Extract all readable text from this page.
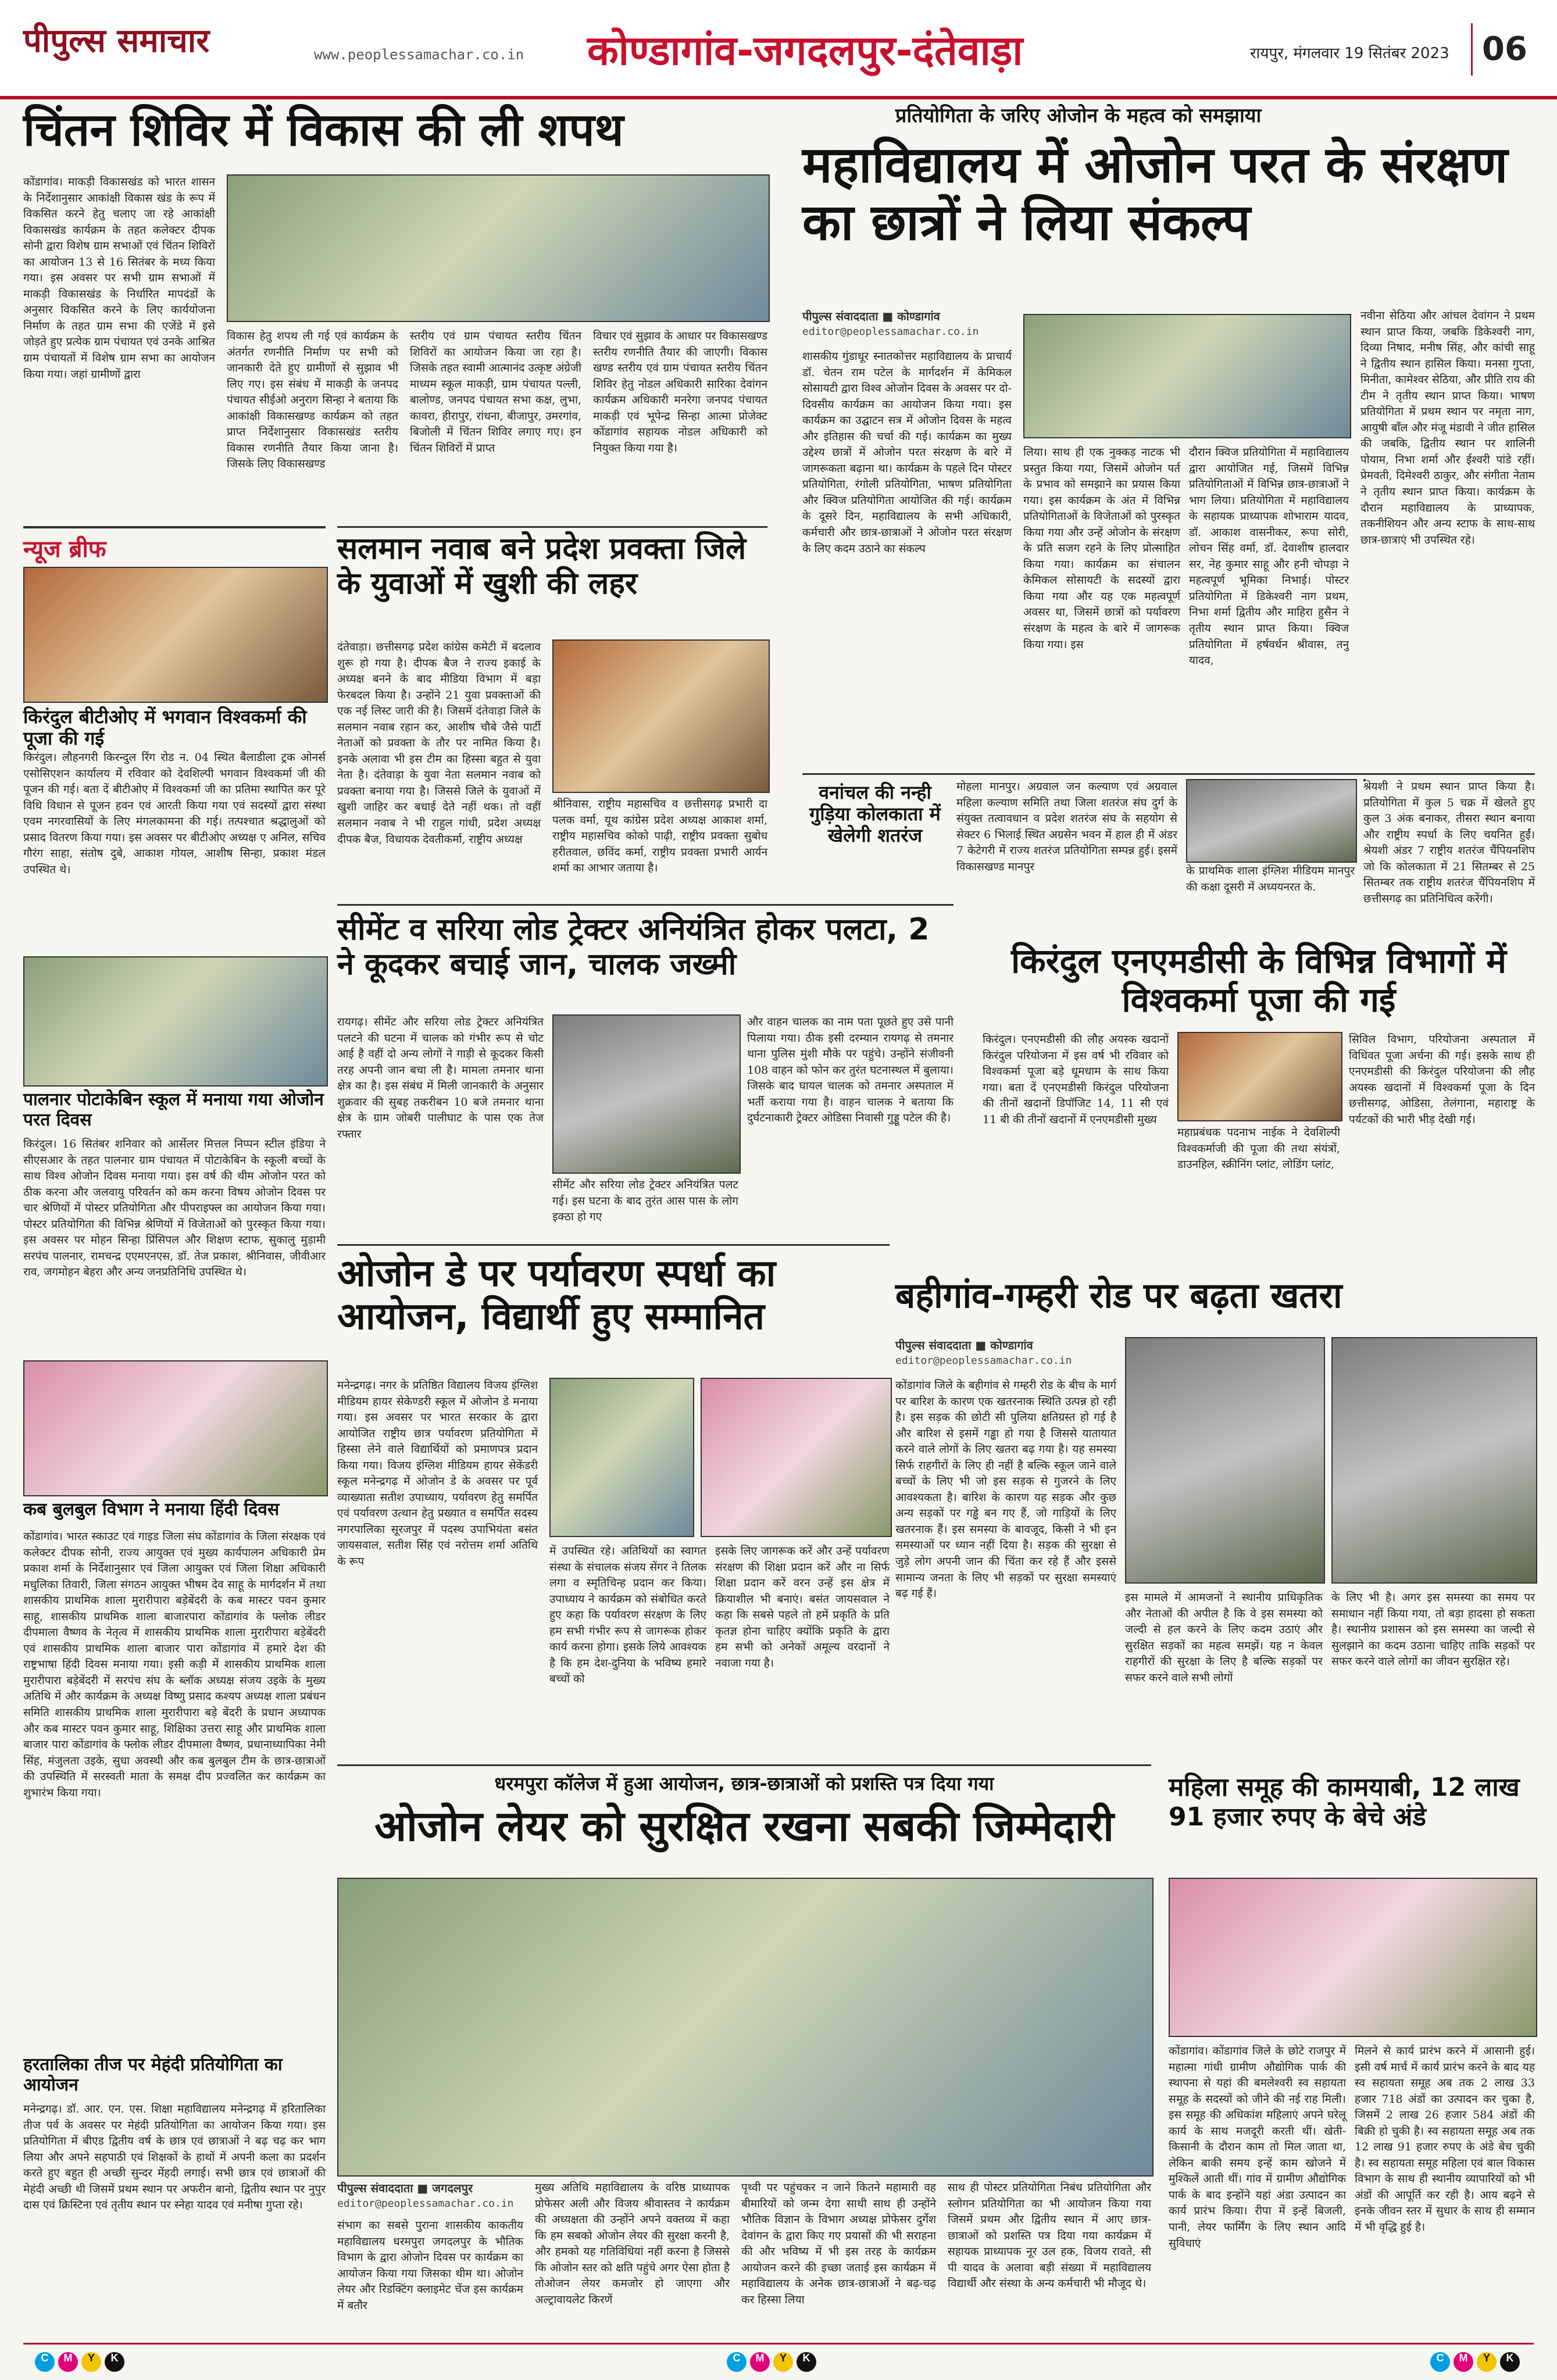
पीपुल्स समाचार	www.peoplessamachar.co.in कोण्डागांव-जगदलपुर-दंतेवाड़ा	रायपुर, मंगलवार 19 सितंबर 2023	06
चिंतन शिविर में विकास की ली शपथ
कोंडागांव। माकड़ी विकासखंड को भारत शासन के निर्देशानुसार आकांक्षी विकास खंड के रूप में विकसित करने हेतु चलाए जा रहे आकांक्षी विकासखंड कार्यक्रम के तहत कलेक्टर दीपक सोनी द्वारा विशेष ग्राम सभाओं एवं चिंतन शिविरों का आयोजन 13 से 16 सितंबर के मध्य किया गया। इस अवसर पर सभी ग्राम सभाओं में माकड़ी विकासखंड के निर्धारित मापदंडों के अनुसार विकसित करने के लिए कार्ययोजना निर्माण के तहत ग्राम सभा की एजेंडे में इसे जोड़ते हुए प्रत्येक ग्राम पंचायत एवं उनके आश्रित ग्राम पंचायतों में विशेष ग्राम सभा का आयोजन किया गया। जहां ग्रामीणों द्वारा
विकास हेतु शपथ ली गई एवं कार्यक्रम के अंतर्गत रणनीति निर्माण पर सभी को जानकारी देते हुए ग्रामीणों से सुझाव भी लिए गए। इस संबंध में माकड़ी के जनपद पंचायत सीईओ अनुराग सिन्हा ने बताया कि आकांक्षी विकासखण्ड कार्यक्रम को तहत प्राप्त निर्देशानुसार विकासखंड स्तरीय विकास रणनीति तैयार किया जाना है। जिसके लिए विकासखण्ड
स्तरीय एवं ग्राम पंचायत स्तरीय चिंतन शिविरों का आयोजन किया जा रहा है। जिसके तहत स्वामी आत्मानंद उत्कृष्ट अंग्रेजी माध्यम स्कूल माकड़ी, ग्राम पंचायत पल्ली, बालोण्ड, जनपद पंचायत सभा कक्ष, लुभा, कावरा, हीरापुर, रांधना, बीजापुर, उमरगांव, बिजोली में चिंतन शिविर लगाए गए। इन चिंतन शिविरों में प्राप्त
विचार एवं सुझाव के आधार पर विकासखण्ड स्तरीय रणनीति तैयार की जाएगी। विकास खण्ड स्तरीय एवं ग्राम पंचायत स्तरीय चिंतन शिविर हेतु नोडल अधिकारी सारिका देवांगन कार्यक्रम अधिकारी मनरेगा जनपद पंचायत माकड़ी एवं भूपेन्द्र सिन्हा आत्मा प्रोजेक्ट कोंडागांव सहायक नोडल अधिकारी को नियुक्त किया गया है।
प्रतियोगिता के जरिए ओजोन के महत्व को समझाया
महाविद्यालय में ओजोन परत के संरक्षण का छात्रों ने लिया संकल्प
पीपुल्स संवाददाता ■ कोण्डागांव
editor@peoplessamachar.co.in
शासकीय गुंडाधूर स्नातकोत्तर महाविद्यालय के प्राचार्य डॉ. चेतन राम पटेल के मार्गदर्शन में केमिकल सोसायटी द्वारा विश्व ओजोन दिवस के अवसर पर दो-दिवसीय कार्यक्रम का आयोजन किया गया। इस कार्यक्रम का उद्घाटन सत्र में ओजोन दिवस के महत्व और इतिहास की चर्चा की गई। कार्यक्रम का मुख्य उद्देश्य छात्रों में ओजोन परत संरक्षण के बारे में जागरूकता बढ़ाना था। कार्यक्रम के पहले दिन पोस्टर प्रतियोगिता, रंगोली प्रतियोगिता, भाषण प्रतियोगिता और क्विज प्रतियोगिता आयोजित की गई। कार्यक्रम के दूसरे दिन, महाविद्यालय के सभी अधिकारी, कर्मचारी और छात्र-छात्राओं ने ओजोन परत संरक्षण के लिए कदम उठाने का संकल्प
लिया। साथ ही एक नुक्कड़ नाटक भी प्रस्तुत किया गया, जिसमें ओजोन पर्त के प्रभाव को समझाने का प्रयास किया गया। इस कार्यक्रम के अंत में विभिन्न प्रतियोगिताओं के विजेताओं को पुरस्कृत किया गया और उन्हें ओजोन के संरक्षण के प्रति सजग रहने के लिए प्रोत्साहित किया गया। कार्यक्रम का संचालन केमिकल सोसायटी के सदस्यों द्वारा किया गया और यह एक महत्वपूर्ण अवसर था, जिसमें छात्रों को पर्यावरण संरक्षण के महत्व के बारे में जागरूक किया गया। इस
दौरान क्विज प्रतियोगिता में महाविद्यालय द्वारा आयोजित गई, जिसमें विभिन्न प्रतियोगिताओं में विभिन्न छात्र-छात्राओं ने भाग लिया। प्रतियोगिता में महाविद्यालय के सहायक प्राध्यापक शोभाराम यादव, डॉ. आकाश वासनीकर, रूपा सोरी, लोचन सिंह वर्मा, डॉ. देवाशीष हालदार सर, नेह कुमार साहू और हनी चोपड़ा ने महत्वपूर्ण भूमिका निभाई। पोस्टर प्रतियोगिता में डिकेश्वरी नाग प्रथम, निभा शर्मा द्वितीय और माहिरा हुसैन ने तृतीय स्थान प्राप्त किया। क्विज प्रतियोगिता में हर्षवर्धन श्रीवास, तनु यादव,
नवीना सेठिया और आंचल देवांगन ने प्रथम स्थान प्राप्त किया, जबकि डिकेश्वरी नाग, दिव्या निषाद, मनीष सिंह, और कांची साहू ने द्वितीय स्थान हासिल किया। मनसा गुप्ता, मिनीता, कामेश्वर सेठिया, और प्रीति राय की टीम ने तृतीय स्थान प्राप्त किया। भाषण प्रतियोगिता में प्रथम स्थान पर नमृता नाग, आयुषी बाँल और मंजू मंडावी ने जीत हासिल की जबकि, द्वितीय स्थान पर शालिनी पोयाम, निभा शर्मा और ईश्वरी पांडे रहीं। प्रेमवती, दिमेश्वरी ठाकुर, और संगीता नेताम ने तृतीय स्थान प्राप्त किया। कार्यक्रम के दौरान महाविद्यालय के प्राध्यापक, तकनीशियन और अन्य स्टाफ के साथ-साथ छात्र-छात्राएं भी उपस्थित रहे।
न्यूज ब्रीफ
किरंदुल बीटीओए में भगवान विश्वकर्मा की पूजा की गई
किरंदुल। लौहनगरी किरन्दुल रिंग रोड न. 04 स्थित बैलाडीला ट्रक ओनर्स एसोसिएशन कार्यालय में रविवार को देवशिल्पी भगवान विश्वकर्मा जी की पूजन की गई। बता दें बीटीओए में विश्वकर्मा जी का प्रतिमा स्थापित कर पूरे विधि विधान से पूजन हवन एवं आरती किया गया एवं सदस्यों द्वारा संस्था एवम नगरवासियों के लिए मंगलकामना की गई। तत्पश्चात श्रद्धालुओं को प्रसाद वितरण किया गया। इस अवसर पर बीटीओए अध्यक्ष ए अनिल, सचिव गौरंग साहा, संतोष दुबे, आकाश गोयल, आशीष सिन्हा, प्रकाश मंडल उपस्थित थे।
पालनार पोटाकेबिन स्कूल में मनाया गया ओजोन परत दिवस
किरंदुल। 16 सितंबर शनिवार को आर्सेलर मित्तल निप्पन स्टील इंडिया ने सीएसआर के तहत पालनार ग्राम पंचायत में पोटाकेबिन के स्कूली बच्चों के साथ विश्व ओजोन दिवस मनाया गया। इस वर्ष की थीम ओजोन परत को ठीक करना और जलवायु परिवर्तन को कम करना विषय ओजोन दिवस पर चार श्रेणियों में पोस्टर प्रतियोगिता और पीपराइफ्ल का आयोजन किया गया। पोस्टर प्रतियोगिता की विभिन्न श्रेणियों में विजेताओं को पुरस्कृत किया गया। इस अवसर पर मोहन सिन्हा प्रिंसिपल और शिक्षण स्टाफ, सुकालु मुड़ामी सरपंच पालनार, रामचन्द्र एएमएनएस, डॉ. तेज प्रकाश, श्रीनिवास, जीवीआर राव, जगमोहन बेहरा और अन्य जनप्रतिनिधि उपस्थित थे।
कब बुलबुल विभाग ने मनाया हिंदी दिवस
कोंडागांव। भारत स्काउट एवं गाइड जिला संघ कोंडागांव के जिला संरक्षक एवं कलेक्टर दीपक सोनी, राज्य आयुक्त एवं मुख्य कार्यपालन अधिकारी प्रेम प्रकाश शर्मा के निर्देशानुसार एवं जिला आयुक्त एवं जिला शिक्षा अधिकारी मधुलिका तिवारी, जिला संगठन आयुक्त भीषम देव साहू के मार्गदर्शन में तथा शासकीय प्राथमिक शाला मुरारीपारा बड़ेबेंदरी के कब मास्टर पवन कुमार साहू, शासकीय प्राथमिक शाला बाजारपारा कोंडागांव के फ्लोक लीडर दीपमाला वैष्णव के नेतृत्व में शासकीय प्राथमिक शाला मुरारीपारा बड़ेबेंदरी एवं शासकीय प्राथमिक शाला बाजार पारा कोंडागांव में हमारे देश की राष्ट्रभाषा हिंदी दिवस मनाया गया। इसी कड़ी में शासकीय प्राथमिक शाला मुरारीपारा बड़ेबेंदरी में सरपंच संघ के ब्लॉक अध्यक्ष संजय उइके के मुख्य अतिथि में और कार्यक्रम के अध्यक्ष विष्णु प्रसाद कश्यप अध्यक्ष शाला प्रबंधन समिति शासकीय प्राथमिक शाला मुरारीपारा बड़े बेंदरी के प्रधान अध्यापक और कब मास्टर पवन कुमार साहू, शिक्षिका उत्तरा साहू और प्राथमिक शाला बाजार पारा कोंडागांव के फ्लोक लीडर दीपमाला वैष्णव, प्रधानाध्यापिका नेमी सिंह, मंजुलता उइके, सुधा अवस्थी और कब बुलबुल टीम के छात्र-छात्राओं की उपस्थिति में सरस्वती माता के समक्ष दीप प्रज्वलित कर कार्यक्रम का शुभारंभ किया गया।
हरतालिका तीज पर मेहंदी प्रतियोगिता का आयोजन
मनेन्द्रगढ़। डॉ. आर. एन. एस. शिक्षा महाविद्यालय मनेन्द्रगढ़ में हरितालिका तीज पर्व के अवसर पर मेहंदी प्रतियोगिता का आयोजन किया गया। इस प्रतियोगिता में बीएड द्वितीय वर्ष के छात्र एवं छात्राओं ने बढ़ चढ़ कर भाग लिया और अपने सहपाठी एवं शिक्षकों के हाथों में अपनी कला का प्रदर्शन करते हुए बहुत ही अच्छी सुन्दर मेंहदी लगाई। सभी छात्र एवं छात्राओं की मेहंदी अच्छी थी जिसमें प्रथम स्थान पर अफरीन बानो, द्वितीय स्थान पर नुपुर दास एवं क्रिस्टिना एवं तृतीय स्थान पर स्नेहा यादव एवं मनीषा गुप्ता रहे।
सलमान नवाब बने प्रदेश प्रवक्ता जिले के युवाओं में खुशी की लहर
दंतेवाड़ा। छत्तीसगढ़ प्रदेश कांग्रेस कमेटी में बदलाव शुरू हो गया है। दीपक बैज ने राज्य इकाई के अध्यक्ष बनने के बाद मीडिया विभाग में बड़ा फेरबदल किया है। उन्होंने 21 युवा प्रवक्ताओं की एक नई लिस्ट जारी की है। जिसमें दंतेवाड़ा जिले के सलमान नवाब रहान कर, आशीष चौबे जैसे पार्टी नेताओं को प्रवक्ता के तौर पर नामित किया है। इनके अलावा भी इस टीम का हिस्सा बहुत से युवा नेता है। दंतेवाड़ा के युवा नेता सलमान नवाब को प्रवक्ता बनाया गया है। जिससे जिले के युवाओं में खुशी जाहिर कर बधाई देते नहीं थक। तो वहीं सलमान नवाब ने भी राहुल गांधी, प्रदेश अध्यक्ष दीपक बैज, विधायक देवतीकर्मा, राष्ट्रीय अध्यक्ष
श्रीनिवास, राष्ट्रीय महासचिव व छत्तीसगढ़ प्रभारी दा पलक वर्मा, यूथ कांग्रेस प्रदेश अध्यक्ष आकाश शर्मा, राष्ट्रीय महासचिव कोको पाढ़ी, राष्ट्रीय प्रवक्ता सुबोध हरीतवाल, छविंद कर्मा, राष्ट्रीय प्रवक्ता प्रभारी आर्यन शर्मा का आभार जताया है।
वनांचल की नन्ही गुड़िया कोलकाता में खेलेगी शतरंज
मोहला मानपुर। अग्रवाल जन कल्याण एवं अग्रवाल महिला कल्याण समिति तथा जिला शतरंज संघ दुर्ग के संयुक्त तत्वावधान व प्रदेश शतरंज संघ के सहयोग से सेक्टर 6 भिलाई स्थित अग्रसेन भवन में हाल ही में अंडर 7 केटेगरी में राज्य शतरंज प्रतियोगिता सम्पन्न हुई। इसमें विकासखण्ड मानपुर	के प्राथमिक शाला इंग्लिश मीडियम मानपुर की कक्षा दूसरी में अध्ययनरत के.
श्रेयशी ने प्रथम स्थान प्राप्त किया है। प्रतियोगिता में कुल 5 चक्र में खेलते हुए कुल 3 अंक बनाकर, तीसरा स्थान बनाया और राष्ट्रीय स्पर्धा के लिए चयनित हुईं। श्रेयशी अंडर 7 राष्ट्रीय शतरंज चैंपियनशिप जो कि कोलकाता में 21 सितम्बर से 25 सितम्बर तक राष्ट्रीय शतरंज चैंपियनशिप में छत्तीसगढ़ का प्रतिनिधित्व करेंगी।
सीमेंट व सरिया लोड ट्रेक्टर अनियंत्रित होकर पलटा, 2 ने कूदकर बचाई जान, चालक जख्मी
रायगढ़। सीमेंट और सरिया लोड ट्रेक्टर अनियंत्रित पलटने की घटना में चालक को गंभीर रूप से चोट आई है वहीं दो अन्य लोगों ने गाड़ी से कूदकर किसी तरह अपनी जान बचा ली है। मामला तमनार थाना क्षेत्र का है। इस संबंध में मिली जानकारी के अनुसार शुक्रवार की सुबह तकरीबन 10 बजे तमनार थाना क्षेत्र के ग्राम जोबरी पालीघाट के पास एक तेज रफ्तार
सीमेंट और सरिया लोड ट्रेक्टर अनियंत्रित पलट गई। इस घटना के बाद तुरंत आस पास के लोग इक्ठा हो गए
और वाहन चालक का नाम पता पूछते हुए उसे पानी पिलाया गया। ठीक इसी दरम्यान रायगढ़ से तमनार थाना पुलिस मुंशी मौके पर पहुंचे। उन्होंने संजीवनी 108 वाहन को फोन कर तुरंत घटनास्थल में बुलाया। जिसके बाद घायल चालक को तमनार अस्पताल में भर्ती कराया गया है। वाहन चालक ने बताया कि दुर्घटनाकारी ट्रेक्टर ओडिसा निवासी गुड्डू पटेल की है।
किरंदुल एनएमडीसी के विभिन्न विभागों में विश्वकर्मा पूजा की गई
किरंदुल। एनएमडीसी की लौह अयस्क खदानों किरंदुल परियोजना में इस वर्ष भी रविवार को विश्वकर्मा पूजा बड़े धूमधाम के साथ किया गया। बता दें एनएमडीसी किरंदुल परियोजना की तीनों खदानों डिपॉजिट 14, 11 सी एवं 11 बी की तीनों खदानों में एनएमडीसी मुख्य
महाप्रबंधक पदनाभ नाईक ने देवशिल्पी विश्वकर्माजी की पूजा की तथा संयंत्रों, डाउनहिल, स्क्रीनिंग प्लांट, लोडिंग प्लांट,
सिविल विभाग, परियोजना अस्पताल में विधिवत पूजा अर्चना की गई। इसके साथ ही एनएमडीसी की किरंदुल परियोजना की लौह अयस्क खदानों में विश्वकर्मा पूजा के दिन छत्तीसगढ़, ओडिसा, तेलंगाना, महाराष्ट्र के पर्यटकों की भारी भीड़ देखी गई।
ओजोन डे पर पर्यावरण स्पर्धा का आयोजन, विद्यार्थी हुए सम्मानित
मनेन्द्रगढ़। नगर के प्रतिष्ठित विद्यालय विजय इंग्लिश मीडियम हायर सेकेण्डरी स्कूल में ओजोन डे मनाया गया। इस अवसर पर भारत सरकार के द्वारा आयोजित राष्ट्रीय छात्र पर्यावरण प्रतियोगिता में हिस्सा लेने वाले विद्यार्थियों को प्रमाणपत्र प्रदान किया गया। विजय इंग्लिश मीडियम हायर सेकेंडरी स्कूल मनेन्द्रगढ़ में ओजोन डे के अवसर पर पूर्व व्याख्याता सतीश उपाध्याय, पर्यावरण हेतु समर्पित एवं पर्यावरण उत्थान हेतु प्रख्यात व समर्पित सदस्य नगरपालिका सूरजपुर में पदस्थ उपाभियंता बसंत जायसवाल, सतीश सिंह एवं नरोत्तम शर्मा अतिथि के रूप
में उपस्थित रहे। अतिथियों का स्वागत संस्था के संचालक संजय सेंगर ने तिलक लगा व स्मृतिचिन्ह प्रदान कर किया। उपाध्याय ने कार्यक्रम को संबोधित करते हुए कहा कि पर्यावरण संरक्षण के लिए हम सभी गंभीर रूप से जागरूक होकर कार्य करना होगा। इसके लिये आवश्यक है कि हम देश-दुनिया के भविष्य हमारे बच्चों को
इसके लिए जागरूक करें और उन्हें पर्यावरण संरक्षण की शिक्षा प्रदान करें और ना सिर्फ शिक्षा प्रदान करें वरन उन्हें इस क्षेत्र में क्रियाशील भी बनाएं। बसंत जायसवाल ने कहा कि सबसे पहले तो हमें प्रकृति के प्रति कृतज्ञ होना चाहिए क्योंकि प्रकृति के द्वारा हम सभी को अनेकों अमूल्य वरदानों ने नवाजा गया है।
बहीगांव-गम्हरी रोड पर बढ़ता खतरा
पीपुल्स संवाददाता ■ कोण्डागांव
editor@peoplessamachar.co.in
कोंडागांव जिले के बहीगांव से गम्हरी रोड के बीच के मार्ग पर बारिश के कारण एक खतरनाक स्थिति उत्पन्न हो रही है। इस सड़क की छोटी सी पुलिया क्षतिग्रस्त हो गई है और बारिश से इसमें गड्ढा हो गया है जिससे यातायात करने वाले लोगों के लिए खतरा बढ़ गया है। यह समस्या सिर्फ राहगीरों के लिए ही नहीं है बल्कि स्कूल जाने वाले बच्चों के लिए भी जो इस सड़क से गुजरने के लिए आवश्यकता है। बारिश के कारण यह सड़क और कुछ अन्य सड़कों पर गड्ढे बन गए हैं, जो गाड़ियों के लिए खतरनाक हैं। इस समस्या के बावजूद, किसी ने भी इन समस्याओं पर ध्यान नहीं दिया है। सड़क की सुरक्षा से जुड़े लोग अपनी जान की चिंता कर रहे हैं और इससे सामान्य जनता के लिए भी सड़कों पर सुरक्षा समस्याएं बढ़ गई हैं।	इस मामले में आमजनों ने स्थानीय प्राधिकृतिक और नेताओं की अपील है कि वे इस समस्या को जल्दी से हल करने के लिए कदम उठाएं और सुरक्षित सड़कों का महत्व समझें। यह न केवल राहगीरों की सुरक्षा के लिए है बल्कि सड़कों पर सफर करने वाले सभी लोगों
के लिए भी है। अगर इस समस्या का समय पर समाधान नहीं किया गया, तो बड़ा हादसा हो सकता है। स्थानीय प्रशासन को इस समस्या का जल्दी से सुलझाने का कदम उठाना चाहिए ताकि सड़कों पर सफर करने वाले लोगों का जीवन सुरक्षित रहे।
धरमपुरा कॉलेज में हुआ आयोजन, छात्र-छात्राओं को प्रशस्ति पत्र दिया गया
ओजोन लेयर को सुरक्षित रखना सबकी जिम्मेदारी
पीपुल्स संवाददाता ■ जगदलपुर
editor@peoplessamachar.co.in
संभाग का सबसे पुराना शासकीय काकतीय महाविद्यालय धरमपुरा जगदलपुर के भौतिक विभाग के द्वारा ओजोन दिवस पर कार्यक्रम का आयोजन किया गया जिसका थीम था। ओजोन लेयर और रिडक्टिंग क्लाइमेट चेंज इस कार्यक्रम में बतौर
मुख्य अतिथि महाविद्यालय के वरिष्ठ प्राध्यापक प्रोफेसर अली और विजय श्रीवास्तव ने कार्यक्रम की अध्यक्षता की उन्होंने अपने वक्तव्य में कहा कि हम सबको ओजोन लेयर की सुरक्षा करनी है, और हमको यह गतिविधियां नहीं करना है जिससे कि ओजोन स्तर को क्षति पहुंचे अगर ऐसा होता है तोओजन लेयर कमजोर हो जाएगा और अल्ट्रावायलेट किरणें
पृथ्वी पर पहुंचकर न जाने कितने महामारी वह बीमारियों को जन्म देगा साथी साथ ही उन्होंने भौतिक विज्ञान के विभाग अध्यक्ष प्रोफेसर दुर्गेश देवांगन के द्वारा किए गए प्रयासों की भी सराहना की और भविष्य में भी इस तरह के कार्यक्रम आयोजन करने की इच्छा जताई इस कार्यक्रम में महाविद्यालय के अनेक छात्र-छात्राओं ने बढ़-चढ़ कर हिस्सा लिया
साथ ही पोस्टर प्रतियोगिता निबंध प्रतियोगिता और स्लोगन प्रतियोगिता का भी आयोजन किया गया जिसमें प्रथम और द्वितीय स्थान में आए छात्र-छात्राओं को प्रशस्ति पत्र दिया गया कार्यक्रम में सहायक प्राध्यापक नूर उल हक, विजय रावते, सी पी यादव के अलावा बड़ी संख्या में महाविद्यालय विद्यार्थी और संस्था के अन्य कर्मचारी भी मौजूद थे।
महिला समूह की कामयाबी, 12 लाख 91 हजार रुपए के बेचे अंडे
कोंडागांव। कोंडागांव जिले के छोटे राजपुर में महात्मा गांधी ग्रामीण औद्योगिक पार्क की स्थापना से यहां की बमलेश्वरी स्व सहायता समूह के सदस्यों को जीने की नई राह मिली। इस समूह की अधिकांश महिलाएं अपने घरेलू कार्य के साथ मजदूरी करती थीं। खेती-किसानी के दौरान काम तो मिल जाता था, लेकिन बाकी समय इन्हें काम खोजने में मुश्किलें आती थीं। गांव में ग्रामीण औद्योगिक पार्क के बाद इन्होंने यहां अंडा उत्पादन का कार्य प्रारंभ किया। रीपा में इन्हें बिजली, पानी, लेयर फार्मिंग के लिए स्थान आदि सुविधाएं
मिलने से कार्य प्रारंभ करने में आसानी हुई। इसी वर्ष मार्च में कार्य प्रारंभ करने के बाद यह स्व सहायता समूह अब तक 2 लाख 33 हजार 718 अंडों का उत्पादन कर चुका है, जिसमें 2 लाख 26 हजार 584 अंडों की बिक्री हो चुकी है। स्व सहायता समूह अब तक 12 लाख 91 हजार रुपए के अंडे बेच चुकी है। स्व सहायता समूह महिला एवं बाल विकास विभाग के साथ ही स्थानीय व्यापारियों को भी अंडों की आपूर्ति कर रही है। आय बढ़ने से इनके जीवन स्तर में सुधार के साथ ही सम्मान में भी वृद्धि हुई है।
C	M	Y	K	C	M	Y	K	C	M	Y	K
